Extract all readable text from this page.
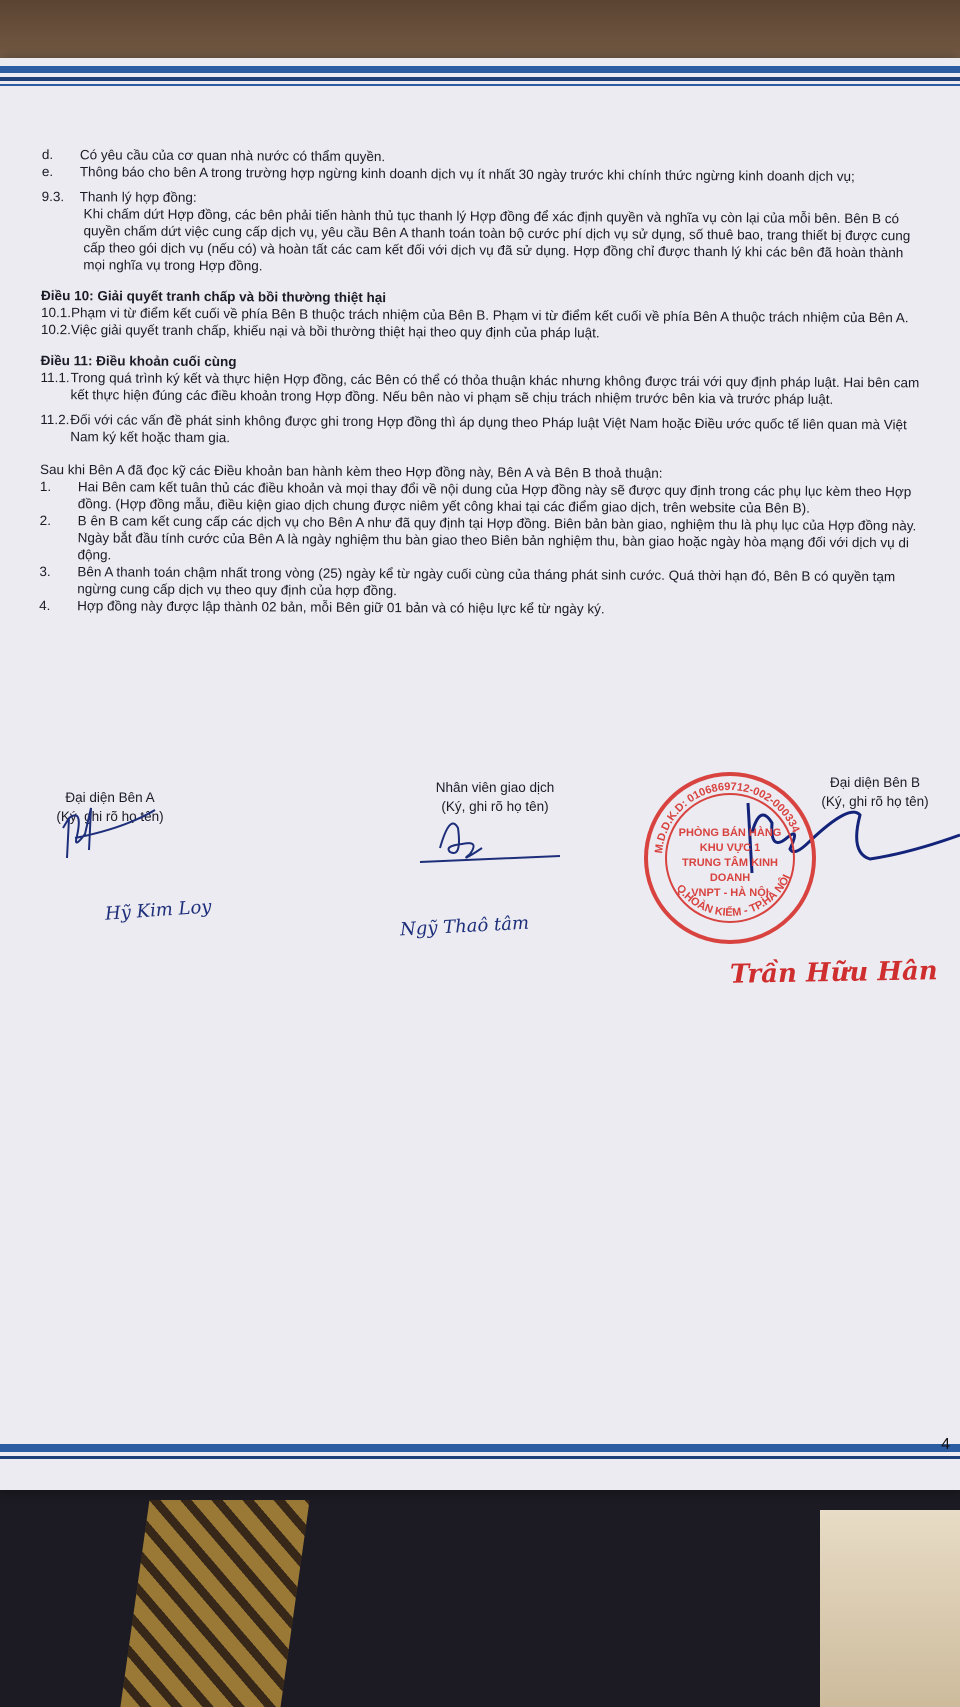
d.	Có yêu cầu của cơ quan nhà nước có thẩm quyền.
e.	Thông báo cho bên A trong trường hợp ngừng kinh doanh dịch vụ ít nhất 30 ngày trước khi chính thức ngừng kinh doanh dịch vụ;
9.3.	Thanh lý hợp đồng:
Khi chấm dứt Hợp đồng, các bên phải tiến hành thủ tục thanh lý Hợp đồng để xác định quyền và nghĩa vụ còn lại của mỗi bên. Bên B có quyền chấm dứt việc cung cấp dịch vụ, yêu cầu Bên A thanh toán toàn bộ cước phí dịch vụ sử dụng, số thuê bao, trang thiết bị được cung cấp theo gói dịch vụ (nếu có) và hoàn tất các cam kết đối với dịch vụ đã sử dụng. Hợp đồng chỉ được thanh lý khi các bên đã hoàn thành mọi nghĩa vụ trong Hợp đồng.
Điều 10: Giải quyết tranh chấp và bồi thường thiệt hại
10.1. Phạm vi từ điểm kết cuối về phía Bên B thuộc trách nhiệm của Bên B. Phạm vi từ điểm kết cuối về phía Bên A thuộc trách nhiệm của Bên A.
10.2. Việc giải quyết tranh chấp, khiếu nại và bồi thường thiệt hại theo quy định của pháp luật.
Điều 11: Điều khoản cuối cùng
11.1. Trong quá trình ký kết và thực hiện Hợp đồng, các Bên có thể có thỏa thuận khác nhưng không được trái với quy định pháp luật. Hai bên cam kết thực hiện đúng các điều khoản trong Hợp đồng. Nếu bên nào vi phạm sẽ chịu trách nhiệm trước bên kia và trước pháp luật.
11.2. Đối với các vấn đề phát sinh không được ghi trong Hợp đồng thì áp dụng theo Pháp luật Việt Nam hoặc Điều ước quốc tế liên quan mà Việt Nam ký kết hoặc tham gia.
Sau khi Bên A đã đọc kỹ các Điều khoản ban hành kèm theo Hợp đồng này, Bên A và Bên B thoả thuận:
1.	Hai Bên cam kết tuân thủ các điều khoản và mọi thay đổi về nội dung của Hợp đồng này sẽ được quy định trong các phụ lục kèm theo Hợp đồng. (Hợp đồng mẫu, điều kiện giao dịch chung được niêm yết công khai tại các điểm giao dịch, trên website của Bên B).
2.	B ên B cam kết cung cấp các dịch vụ cho Bên A như đã quy định tại Hợp đồng. Biên bản bàn giao, nghiệm thu là phụ lục của Hợp đồng này. Ngày bắt đầu tính cước của Bên A là ngày nghiệm thu bàn giao theo Biên bản nghiệm thu, bàn giao hoặc ngày hòa mạng đối với dịch vụ di động.
3.	Bên A thanh toán chậm nhất trong vòng (25) ngày kể từ ngày cuối cùng của tháng phát sinh cước. Quá thời hạn đó, Bên B có quyền tạm ngừng cung cấp dịch vụ theo quy định của hợp đồng.
4.	Hợp đồng này được lập thành 02 bản, mỗi Bên giữ 01 bản và có hiệu lực kể từ ngày ký.
Đại diện Bên A
(Ký, ghi rõ họ tên)
Nhân viên giao dịch
(Ký, ghi rõ họ tên)
Đại diện Bên B
(Ký, ghi rõ họ tên)
Hỹ Kim Loy
Ngỹ Thaô tâm
M.D.D.K.D: 0106869712-002-000334
Q.HOÀN KIẾM - TP.HÀ NỘI
PHÒNG BÁN HÀNG
KHU VỰC 1
TRUNG TÂM KINH DOANH
VNPT - HÀ NỘI
Trần Hữu Hân
4
